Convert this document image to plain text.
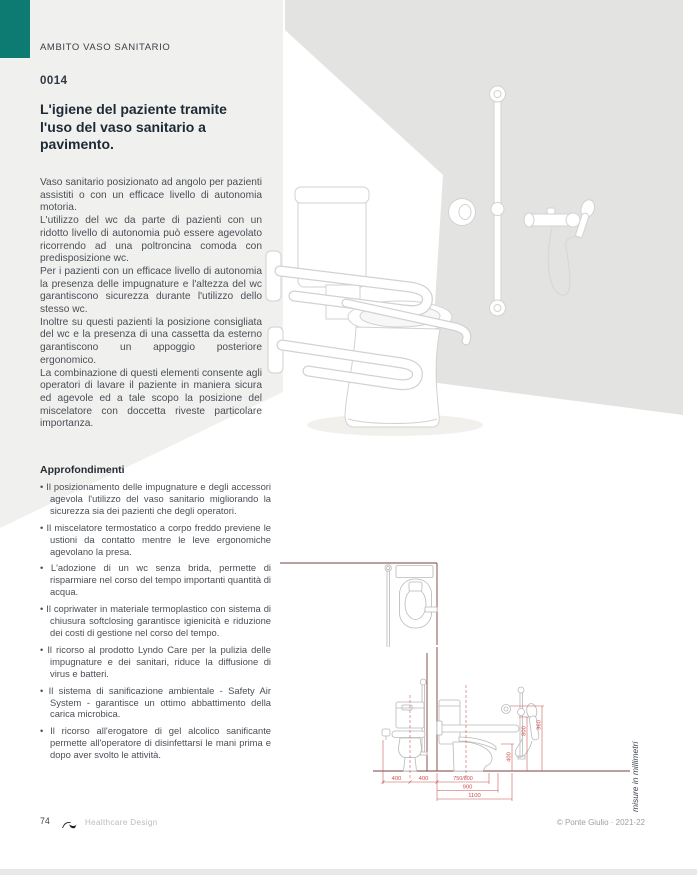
AMBITO VASO SANITARIO
0014
L'igiene del paziente tramite l'uso del vaso sanitario a pavimento.

Vaso sanitario posizionato ad angolo per pazienti assistiti o con un efficace livello di autonomia motoria.

L'utilizzo del wc da parte di pazienti con un ridotto livello di autonomia può essere agevolato ricorrendo ad una poltroncina comoda con predisposizione wc.

Per i pazienti con un efficace livello di autonomia la presenza delle impugnature e l'altezza del wc garantiscono sicurezza durante l'utilizzo dello stesso wc.

Inoltre su questi pazienti la posizione consigliata del wc e la presenza di una cassetta da esterno garantiscono un appoggio posteriore ergonomico.

La combinazione di questi elementi consente agli operatori di lavare il paziente in maniera sicura ed agevole ed a tale scopo la posizione del miscelatore con doccetta riveste particolare importanza.

Approfondimenti

• Il posizionamento delle impugnature e degli accessori agevola l'utilizzo del vaso sanitario migliorando la sicurezza sia dei pazienti che degli operatori.

• Il miscelatore termostatico a corpo freddo previene le ustioni da contatto mentre le leve ergonomiche agevolano la presa.

• L'adozione di un wc senza brida, permette di risparmiare nel corso del tempo importanti quantità di acqua.

• Il copriwater in materiale termoplastico con sistema di chiusura softclosing garantisce igienicità e riduzione dei costi di gestione nel corso del tempo.

• Il ricorso al prodotto Lyndo Care per la pulizia delle impugnature e dei sanitari, riduce la diffusione di virus e batteri.

• Il sistema di sanificazione ambientale - Safety Air System - garantisce un ottimo abbattimento della carica microbica.

• Il ricorso all'erogatore di gel alcolico sanificante permette all'operatore di disinfettarsi le mani prima e dopo aver svolto le attività.

400	400	750/800
900
1100
400
800
960
misure in millimetri
74	Healthcare Design	© Ponte Giulio · 2021-22
